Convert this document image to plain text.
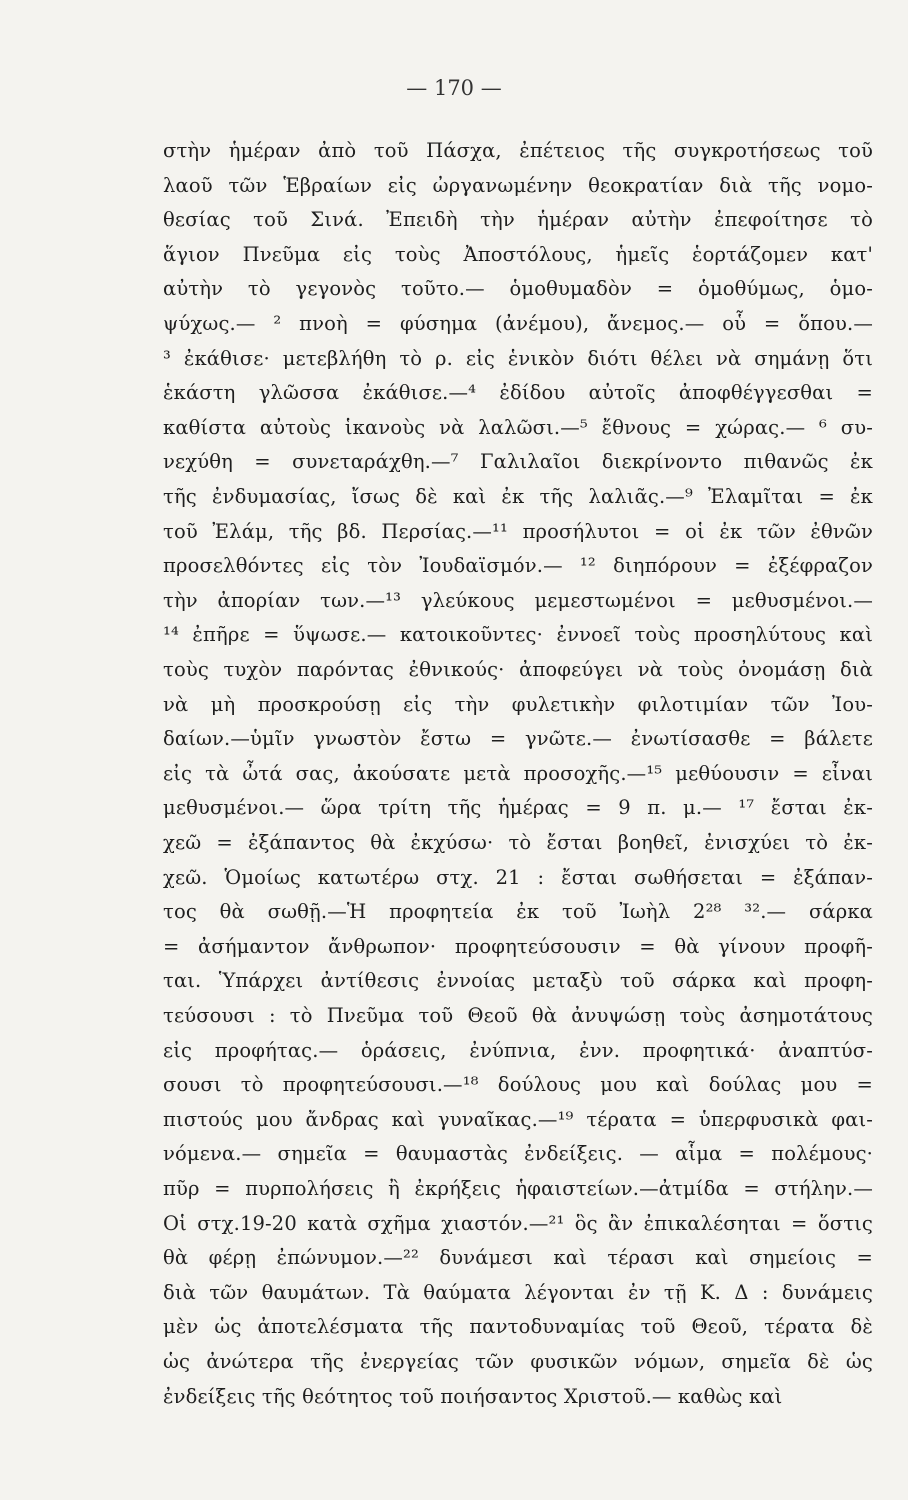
— 170 —
στὴν ἡμέραν ἀπὸ τοῦ Πάσχα, ἐπέτειος τῆς συγκροτήσεως τοῦ
λαοῦ τῶν Ἑβραίων εἰς ὠργανωμένην θεοκρατίαν διὰ τῆς νομο-
θεσίας τοῦ Σινά. Ἐπειδὴ τὴν ἡμέραν αὐτὴν ἐπεφοίτησε τὸ
ἅγιον Πνεῦμα εἰς τοὺς Ἀποστόλους, ἡμεῖς ἑορτάζομεν κατ'
αὐτὴν τὸ γεγονὸς τοῦτο.— ὁμοθυμαδὸν = ὁμοθύμως, ὁμο-
ψύχως.— ² πνοὴ = φύσημα (ἀνέμου), ἄνεμος.— οὗ = ὅπου.—
³ ἐκάθισε· μετεβλήθη τὸ ρ. εἰς ἑνικὸν διότι θέλει νὰ σημάνῃ ὅτι
ἑκάστη γλῶσσα ἐκάθισε.—⁴ ἐδίδου αὐτοῖς ἀποφθέγγεσθαι =
καθίστα αὐτοὺς ἱκανοὺς νὰ λαλῶσι.—⁵ ἔθνους = χώρας.— ⁶ συ-
νεχύθη = συνεταράχθη.—⁷ Γαλιλαῖοι διεκρίνοντο πιθανῶς ἐκ
τῆς ἐνδυμασίας, ἴσως δὲ καὶ ἐκ τῆς λαλιᾶς.—⁹ Ἐλαμῖται = ἐκ
τοῦ Ἐλάμ, τῆς βδ. Περσίας.—¹¹ προσήλυτοι = οἱ ἐκ τῶν ἐθνῶν
προσελθόντες εἰς τὸν Ἰουδαϊσμόν.— ¹² διηπόρουν = ἐξέφραζον
τὴν ἀπορίαν των.—¹³ γλεύκους μεμεστωμένοι = μεθυσμένοι.—
¹⁴ ἐπῆρε = ὕψωσε.— κατοικοῦντες· ἐννοεῖ τοὺς προσηλύτους καὶ
τοὺς τυχὸν παρόντας ἐθνικούς· ἀποφεύγει νὰ τοὺς ὀνομάσῃ διὰ
νὰ μὴ προσκρούσῃ εἰς τὴν φυλετικὴν φιλοτιμίαν τῶν Ἰου-
δαίων.—ὑμῖν γνωστὸν ἔστω = γνῶτε.— ἐνωτίσασθε = βάλετε
εἰς τὰ ὦτά σας, ἀκούσατε μετὰ προσοχῆς.—¹⁵ μεθύουσιν = εἶναι
μεθυσμένοι.— ὥρα τρίτη τῆς ἡμέρας = 9 π. μ.— ¹⁷ ἔσται ἐκ-
χεῶ = ἐξάπαντος θὰ ἐκχύσω· τὸ ἔσται βοηθεῖ, ἐνισχύει τὸ ἐκ-
χεῶ. Ὁμοίως κατωτέρω στχ. 21 : ἔσται σωθήσεται = ἐξάπαν-
τος θὰ σωθῇ.—Ἡ προφητεία ἐκ τοῦ Ἰωὴλ 2²⁸ ³².— σάρκα
= ἀσήμαντον ἄνθρωπον· προφητεύσουσιν = θὰ γίνουν προφῆ-
ται. Ὑπάρχει ἀντίθεσις ἐννοίας μεταξὺ τοῦ σάρκα καὶ προφη-
τεύσουσι : τὸ Πνεῦμα τοῦ Θεοῦ θὰ ἀνυψώσῃ τοὺς ἀσημοτάτους
εἰς προφήτας.— ὁράσεις, ἐνύπνια, ἐνν. προφητικά· ἀναπτύσ-
σουσι τὸ προφητεύσουσι.—¹⁸ δούλους μου καὶ δούλας μου =
πιστούς μου ἄνδρας καὶ γυναῖκας.—¹⁹ τέρατα = ὑπερφυσικὰ φαι-
νόμενα.— σημεῖα = θαυμαστὰς ἐνδείξεις. — αἷμα = πολέμους·
πῦρ = πυρπολήσεις ἢ ἐκρήξεις ἡφαιστείων.—ἀτμίδα = στήλην.—
Οἱ στχ.19-20 κατὰ σχῆμα χιαστόν.—²¹ ὃς ἂν ἐπικαλέσηται = ὅστις
θὰ φέρῃ ἐπώνυμον.—²² δυνάμεσι καὶ τέρασι καὶ σημείοις =
διὰ τῶν θαυμάτων. Τὰ θαύματα λέγονται ἐν τῇ Κ. Δ : δυνάμεις
μὲν ὡς ἀποτελέσματα τῆς παντοδυναμίας τοῦ Θεοῦ, τέρατα δὲ
ὡς ἀνώτερα τῆς ἐνεργείας τῶν φυσικῶν νόμων, σημεῖα δὲ ὡς
ἐνδείξεις τῆς θεότητος τοῦ ποιήσαντος Χριστοῦ.— καθὼς καὶ
